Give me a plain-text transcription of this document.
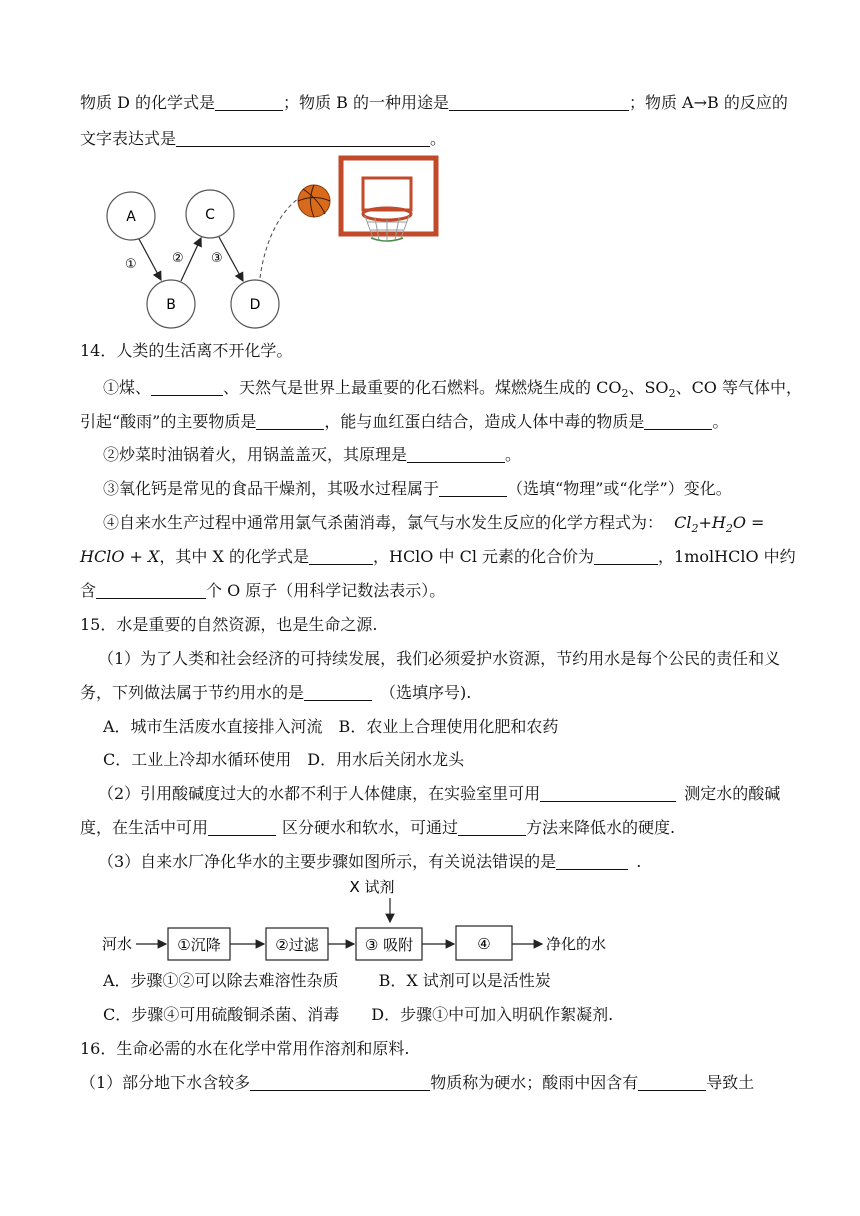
物质 D 的化学式是	；物质 B 的一种用途是	；物质 A→B 的反应的
文字表达式是	。
A
B
C
D
①	② ③
14．人类的生活离不开化学。
①煤、	、天然气是世界上最重要的化石燃料。煤燃烧生成的 $CO_2$、$SO_2$、CO 等气体中，
引起“酸雨”的主要物质是	，能与血红蛋白结合，造成人体中毒的物质是	。
②炒菜时油锅着火，用锅盖盖灭，其原理是	。
③氧化钙是常见的食品干燥剂，其吸水过程属于	（选填“物理”或“化学”）变化。
④自来水生产过程中通常用氯气杀菌消毒，氯气与水发生反应的化学方程式为： $Cl_2+H_2O$ =
HClO + X，其中 X 的化学式是	，HClO 中 Cl 元素的化合价为	，1molHClO 中约
含	个 O 原子（用科学记数法表示）。
15．水是重要的自然资源，也是生命之源.
（1）为了人类和社会经济的可持续发展，我们必须爱护水资源，节约用水是每个公民的责任和义
务，下列做法属于节约用水的是	（选填序号).
A．城市生活废水直接排入河流　B．农业上合理使用化肥和农药
C．工业上冷却水循环使用　D．用水后关闭水龙头
（2）引用酸碱度过大的水都不利于人体健康，在实验室里可用	测定水的酸碱
度，在生活中可用	区分硬水和软水，可通过	方法来降低水的硬度.
（3）自来水厂净化华水的主要步骤如图所示，有关说法错误的是	.
X 试剂
河水	①沉降	②过滤	③ 吸附	④	净化的水
A．步骤①②可以除去难溶性杂质	B．X 试剂可以是活性炭
C．步骤④可用硫酸铜杀菌、消毒 D．步骤①中可加入明矾作絮凝剂.
16．生命必需的水在化学中常用作溶剂和原料.
（1）部分地下水含较多	物质称为硬水；酸雨中因含有	导致土
